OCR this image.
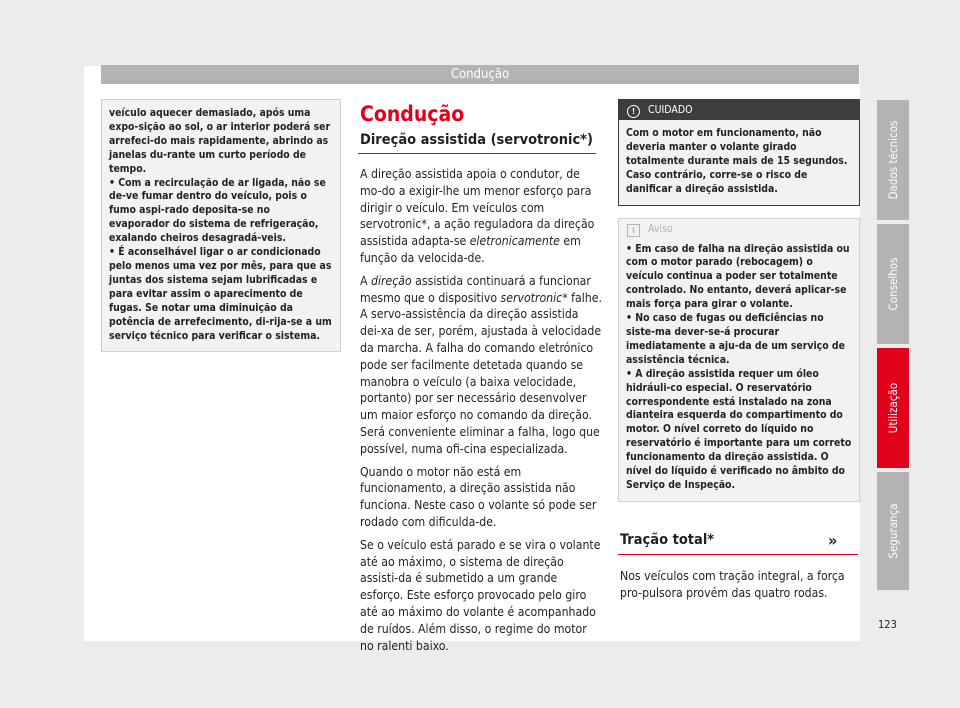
Condução

veículo aquecer demasiado, após uma expo-sição ao sol, o ar interior poderá ser arrefeci-do mais rapidamente, abrindo as janelas du-rante um curto período de tempo.

• Com a recirculação de ar ligada, não se de-ve fumar dentro do veículo, pois o fumo aspi-rado deposita-se no evaporador do sistema de refrigeração, exalando cheiros desagradá-veis.

• É aconselhável ligar o ar condicionado pelo menos uma vez por mês, para que as juntas dos sistema sejam lubrificadas e para evitar assim o aparecimento de fugas. Se notar uma diminuição da potência de arrefecimento, di-rija-se a um serviço técnico para verificar o sistema.

Condução
Direção assistida (servotronic*)

A direção assistida apoia o condutor, de mo-do a exigir-lhe um menor esforço para dirigir o veículo. Em veículos com servotronic*, a ação reguladora da direção assistida adapta-se eletronicamente em função da velocida-de.

A direção assistida continuará a funcionar mesmo que o dispositivo servotronic* falhe. A servo-assistência da direção assistida dei-xa de ser, porém, ajustada à velocidade da marcha. A falha do comando eletrónico pode ser facilmente detetada quando se manobra o veículo (a baixa velocidade, portanto) por ser necessário desenvolver um maior esforço no comando da direção. Será conveniente eliminar a falha, logo que possível, numa ofi-cina especializada.

Quando o motor não está em funcionamento, a direção assistida não funciona. Neste caso o volante só pode ser rodado com dificulda-de.

Se o veículo está parado e se vira o volante até ao máximo, o sistema de direção assisti-da é submetido a um grande esforço. Este esforço provocado pelo giro até ao máximo do volante é acompanhado de ruídos. Além disso, o regime do motor no ralenti baixo.

! CUIDADO
Com o motor em funcionamento, não deveria manter o volante girado totalmente durante mais de 15 segundos. Caso contrário, corre-se o risco de danificar a direção assistida.
i Aviso

• Em caso de falha na direção assistida ou com o motor parado (rebocagem) o veículo continua a poder ser totalmente controlado. No entanto, deverá aplicar-se mais força para girar o volante.

• No caso de fugas ou deficiências no siste-ma dever-se-á procurar imediatamente a aju-da de um serviço de assistência técnica.

• A direção assistida requer um óleo hidráuli-co especial. O reservatório correspondente está instalado na zona dianteira esquerda do compartimento do motor. O nível correto do líquido no reservatório é importante para um correto funcionamento da direção assistida. O nível do líquido é verificado no âmbito do Serviço de Inspeção.

Tração total*
Nos veículos com tração integral, a força pro-pulsora provém das quatro rodas.
»
Dados técnicos
Conselhos
Utilização
Segurança
123
